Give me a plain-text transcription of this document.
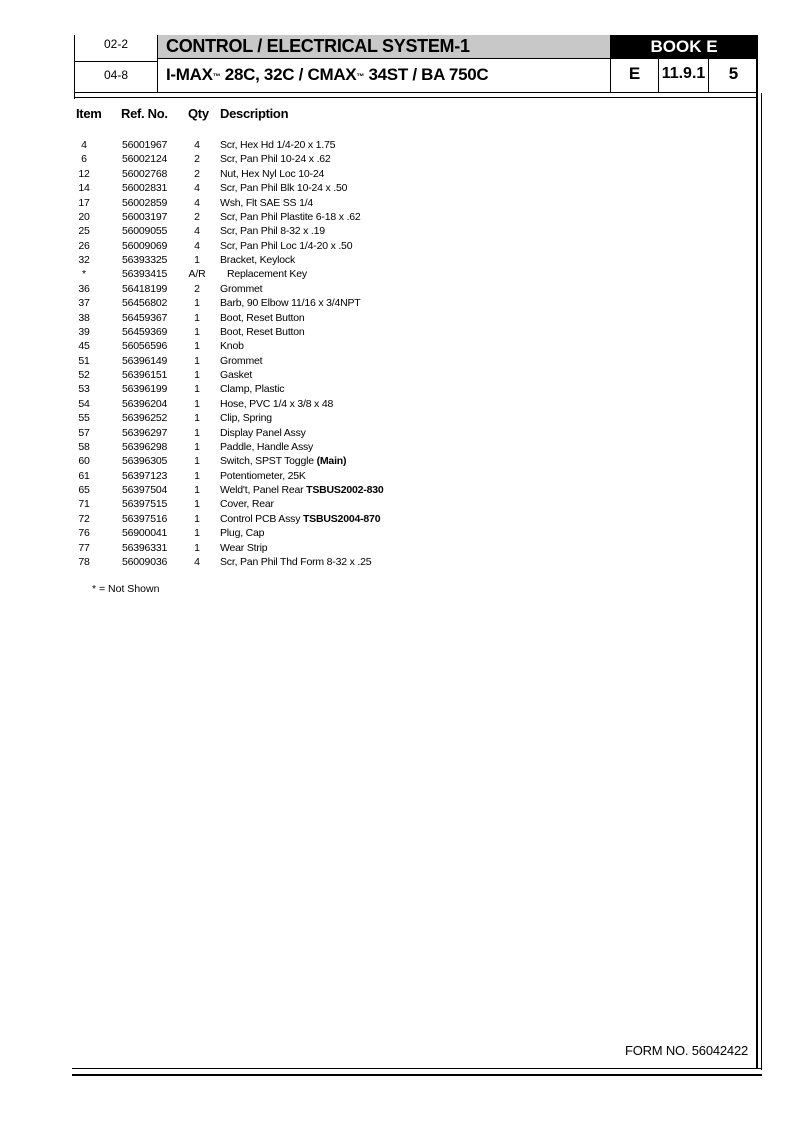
02-2
04-8
CONTROL / ELECTRICAL SYSTEM-1
I-MAX™ 28C, 32C / CMAX™ 34ST / BA 750C
BOOK E
E	11.9.1	5
Item Ref. No. Qty Description
4	56001967	4	Scr, Hex Hd 1/4-20 x 1.75
6	56002124	2	Scr, Pan Phil 10-24 x .62
12	56002768	2	Nut, Hex Nyl Loc 10-24
14	56002831	4	Scr, Pan Phil Blk 10-24 x .50
17	56002859	4	Wsh, Flt SAE SS 1/4
20	56003197	2	Scr, Pan Phil Plastite 6-18 x .62
25	56009055	4	Scr, Pan Phil 8-32 x .19
26	56009069	4	Scr, Pan Phil Loc 1/4-20 x .50
32	56393325	1	Bracket, Keylock
*	56393415	A/R	Replacement Key
36	56418199	2	Grommet
37	56456802	1	Barb, 90 Elbow 11/16 x 3/4NPT
38	56459367	1	Boot, Reset Button
39	56459369	1	Boot, Reset Button
45	56056596	1	Knob
51	56396149	1	Grommet
52	56396151	1	Gasket
53	56396199	1	Clamp, Plastic
54	56396204	1	Hose, PVC 1/4 x 3/8 x 48
55	56396252	1	Clip, Spring
57	56396297	1	Display Panel Assy
58	56396298	1	Paddle, Handle Assy
60	56396305	1	Switch, SPST Toggle (Main)
61	56397123	1	Potentiometer, 25K
65	56397504	1	Weld't, Panel Rear TSBUS2002-830
71	56397515	1	Cover, Rear
72	56397516	1	Control PCB Assy TSBUS2004-870
76	56900041	1	Plug, Cap
77	56396331	1	Wear Strip
78	56009036	4	Scr, Pan Phil Thd Form 8-32 x .25
* = Not Shown
FORM NO. 56042422
